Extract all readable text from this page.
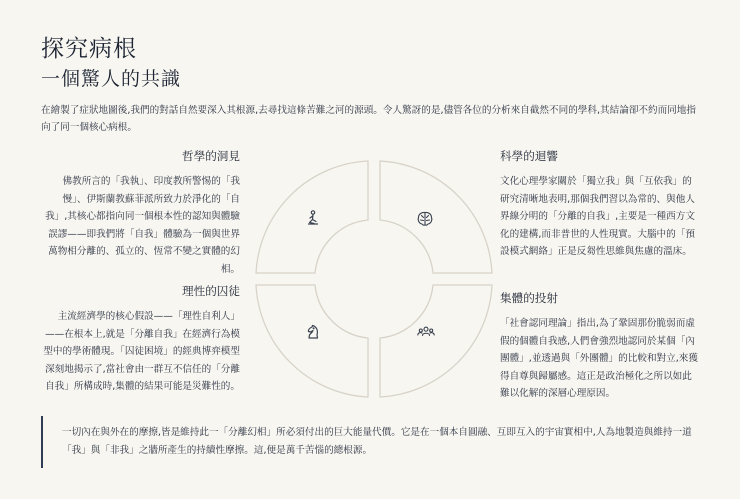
探究病根
一個驚人的共識
在繪製了症狀地圖後,我們的對話自然要深入其根源,去尋找這條苦難之河的源頭。令人驚訝的是,儘管各位的分析來自截然不同的學科,其結論卻不約而同地指向了同一個核心病根。
哲學的洞見

佛教所言的「我執」、印度教所警惕的「我慢」、伊斯蘭教蘇菲派所致力於淨化的「自我」,其核心都指向同一個根本性的認知與體驗誤謬——即我們將「自我」體驗為一個與世界萬物相分離的、孤立的、恆常不變之實體的幻相。

理性的囚徒

主流經濟學的核心假設——「理性自利人」——在根本上,就是「分離自我」在經濟行為模型中的學術體現。「囚徒困境」的經典博弈模型深刻地揭示了,當社會由一群互不信任的「分離自我」所構成時,集體的結果可能是災難性的。

科學的迴響

文化心理學家關於「獨立我」與「互依我」的研究清晰地表明,那個我們習以為常的、與他人界線分明的「分離的自我」,主要是一種西方文化的建構,而非普世的人性現實。大腦中的「預設模式網絡」正是反芻性思維與焦慮的溫床。

集體的投射

「社會認同理論」指出,為了鞏固那份脆弱而虛假的個體自我感,人們會強烈地認同於某個「內團體」,並透過與「外團體」的比較和對立,來獲得自尊與歸屬感。這正是政治極化之所以如此難以化解的深層心理原因。

一切內在與外在的摩擦,皆是維持此一「分離幻相」所必須付出的巨大能量代價。它是在一個本自圓融、互即互入的宇宙實相中,人為地製造與維持一道「我」與「非我」之牆所產生的持續性摩擦。這,便是萬千苦惱的總根源。
